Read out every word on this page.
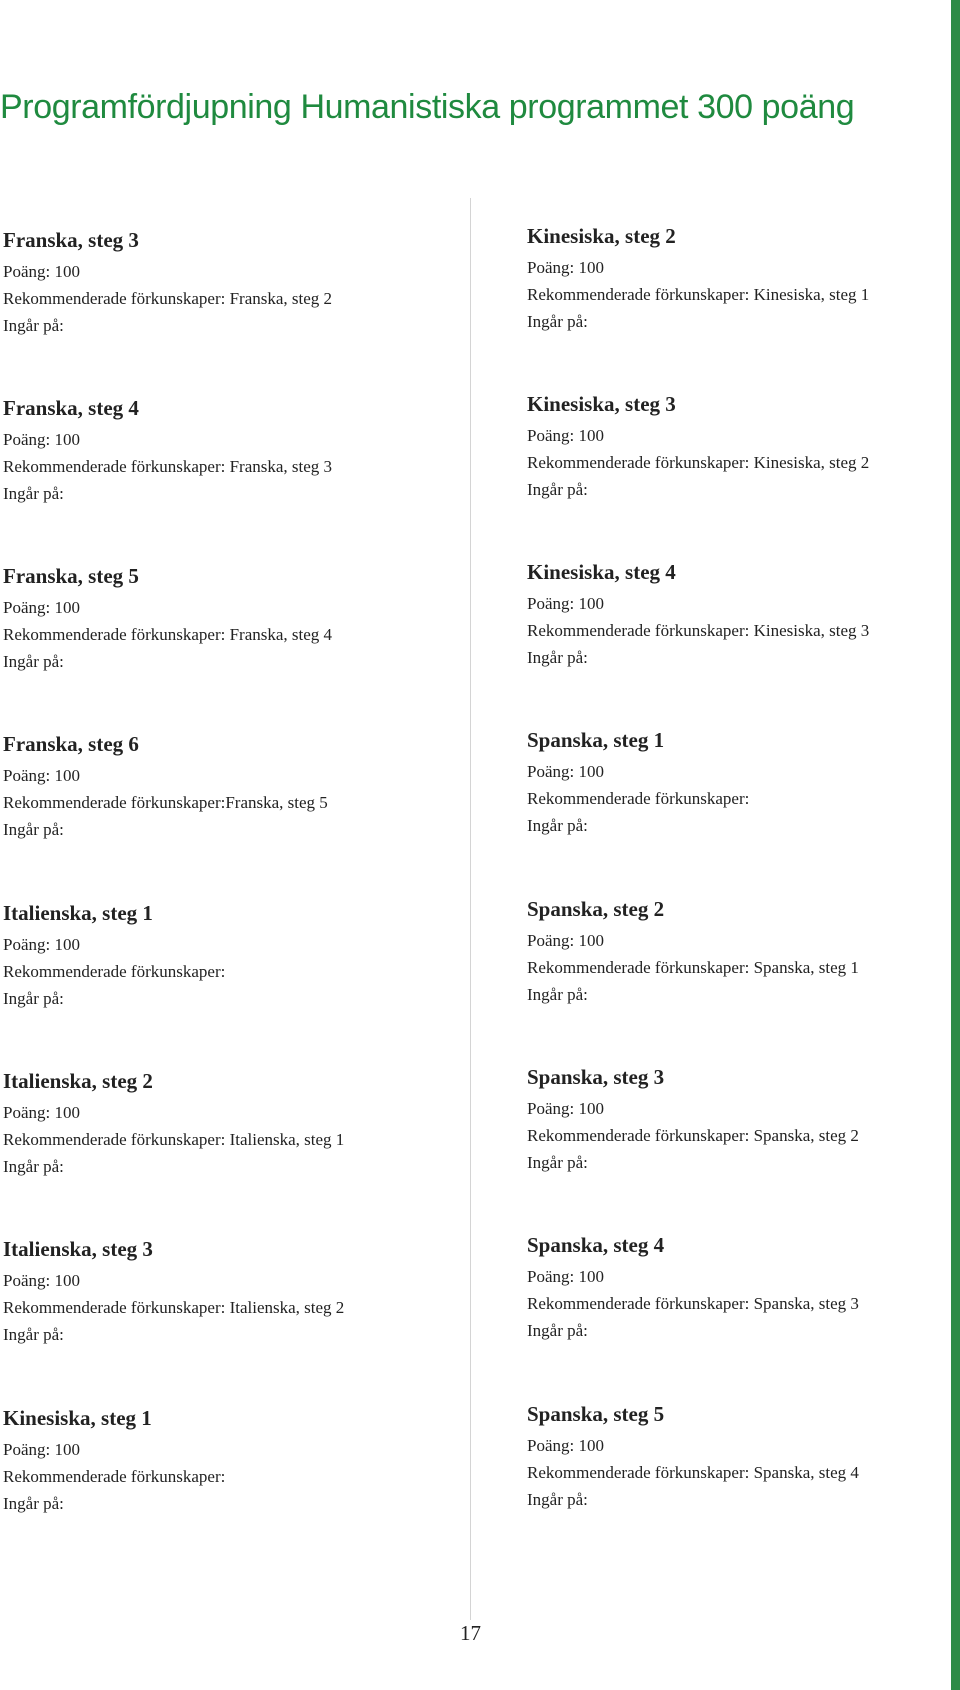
Programfördjupning Humanistiska programmet 300 poäng
Franska, steg 3
Poäng: 100
Rekommenderade förkunskaper: Franska, steg 2
Ingår på:
Franska, steg 4
Poäng: 100
Rekommenderade förkunskaper: Franska, steg 3
Ingår på:
Franska, steg 5
Poäng: 100
Rekommenderade förkunskaper: Franska, steg 4
Ingår på:
Franska, steg 6
Poäng: 100
Rekommenderade förkunskaper:Franska, steg 5
Ingår på:
Italienska, steg 1
Poäng: 100
Rekommenderade förkunskaper:
Ingår på:
Italienska, steg 2
Poäng: 100
Rekommenderade förkunskaper: Italienska, steg 1
Ingår på:
Italienska, steg 3
Poäng: 100
Rekommenderade förkunskaper: Italienska, steg 2
Ingår på:
Kinesiska, steg 1
Poäng: 100
Rekommenderade förkunskaper:
Ingår på:
Kinesiska, steg 2
Poäng: 100
Rekommenderade förkunskaper: Kinesiska, steg 1
Ingår på:
Kinesiska, steg 3
Poäng: 100
Rekommenderade förkunskaper: Kinesiska, steg 2
Ingår på:
Kinesiska, steg 4
Poäng: 100
Rekommenderade förkunskaper: Kinesiska, steg 3
Ingår på:
Spanska, steg 1
Poäng: 100
Rekommenderade förkunskaper:
Ingår på:
Spanska, steg 2
Poäng: 100
Rekommenderade förkunskaper: Spanska, steg 1
Ingår på:
Spanska, steg 3
Poäng: 100
Rekommenderade förkunskaper: Spanska, steg 2
Ingår på:
Spanska, steg 4
Poäng: 100
Rekommenderade förkunskaper: Spanska, steg 3
Ingår på:
Spanska, steg 5
Poäng: 100
Rekommenderade förkunskaper: Spanska, steg 4
Ingår på:
17
